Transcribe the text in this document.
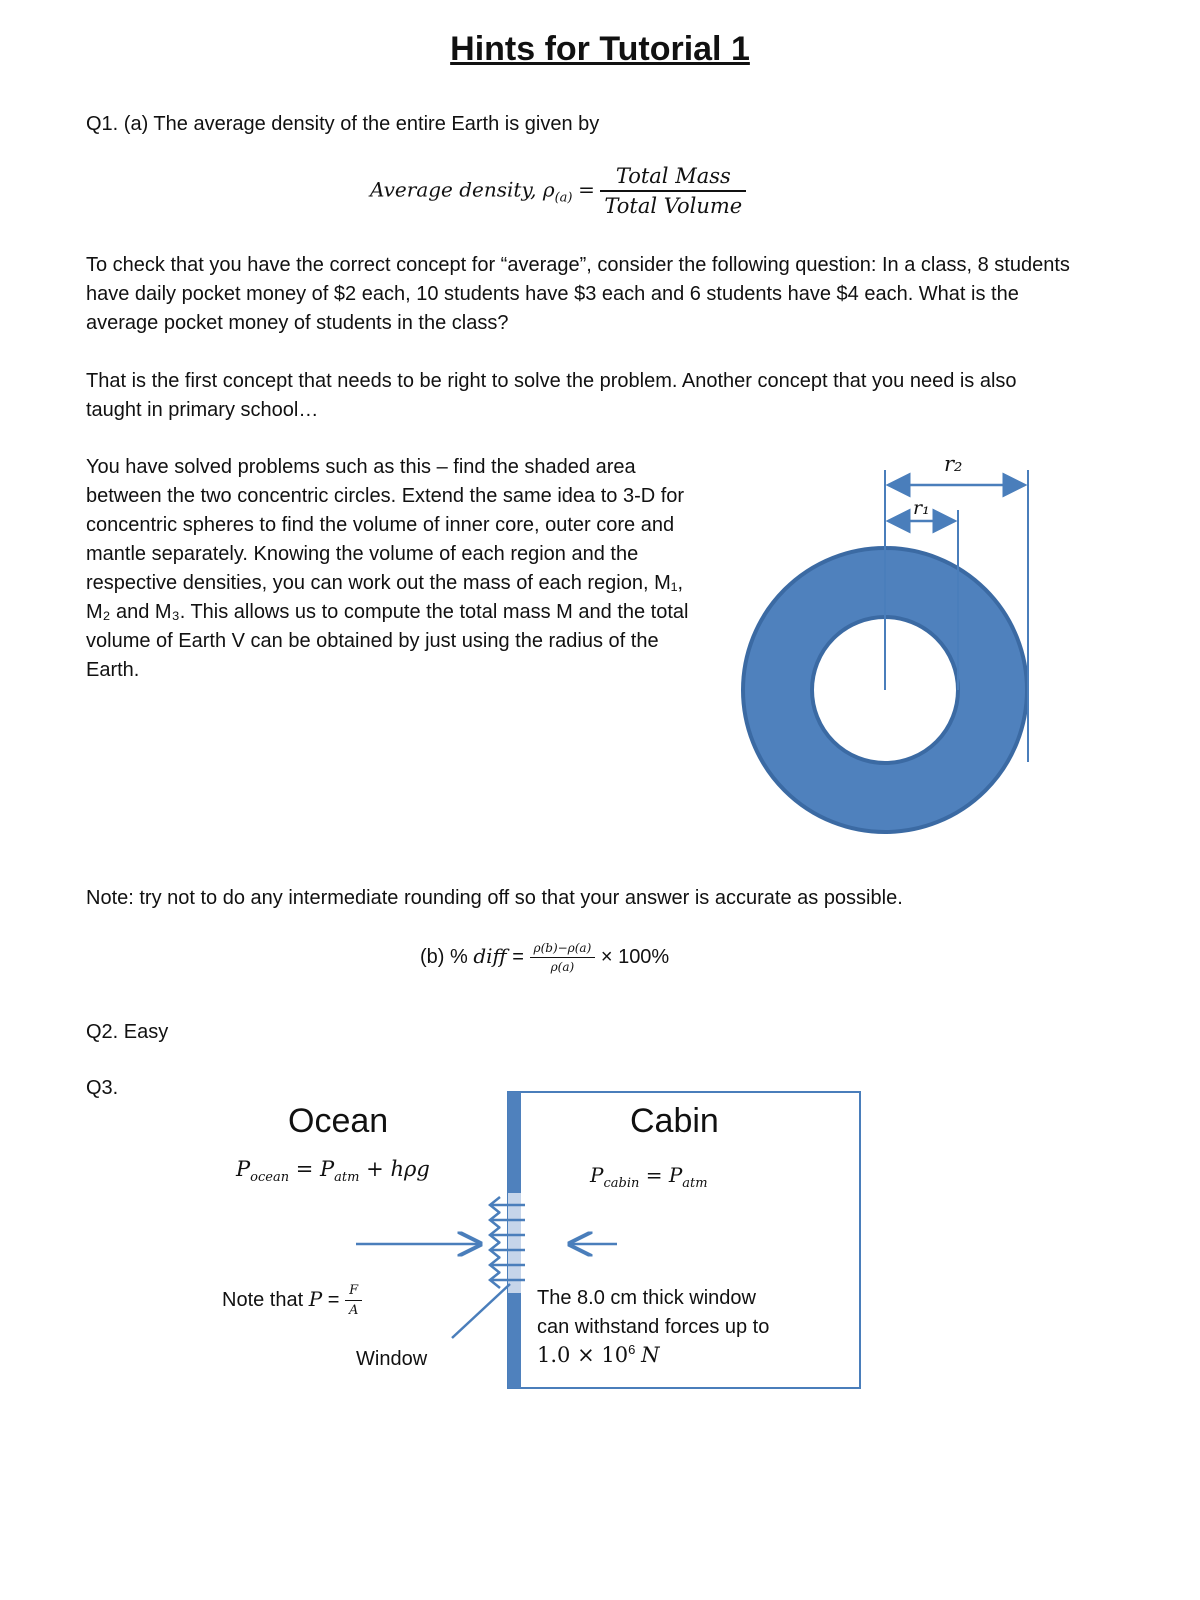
Hints for Tutorial 1
Q1. (a) The average density of the entire Earth is given by
Average density, $\rho_{(a)} = \frac{\text{Total Mass}}{\text{Total Volume}}$
To check that you have the correct concept for “average”, consider the following question: In a class, 8 students have daily pocket money of $2 each, 10 students have $3 each and 6 students have $4 each. What is the average pocket money of students in the class?
That is the first concept that needs to be right to solve the problem. Another concept that you need is also taught in primary school…
You have solved problems such as this – find the shaded area between the two concentric circles. Extend the same idea to 3-D for concentric spheres to find the volume of inner core, outer core and mantle separately. Knowing the volume of each region and the respective densities, you can work out the mass of each region, M₁, M₂ and M₃. This allows us to compute the total mass M and the total volume of Earth V can be obtained by just using the radius of the Earth.
r₂
r₁
Note: try not to do any intermediate rounding off so that your answer is accurate as possible.
(b) % diff = $\frac{\rho(b)-\rho(a)}{\rho(a)} \times 100\%$
Q2. Easy
Q3.
Ocean	Cabin
$P_{ocean} = P_{atm} + h\rho g$	$P_{cabin} = P_{atm}$
Note that $P = \frac{F}{A}$
Window
The 8.0 cm thick window
can withstand forces up to
$1.0 \times 10^6$ N
